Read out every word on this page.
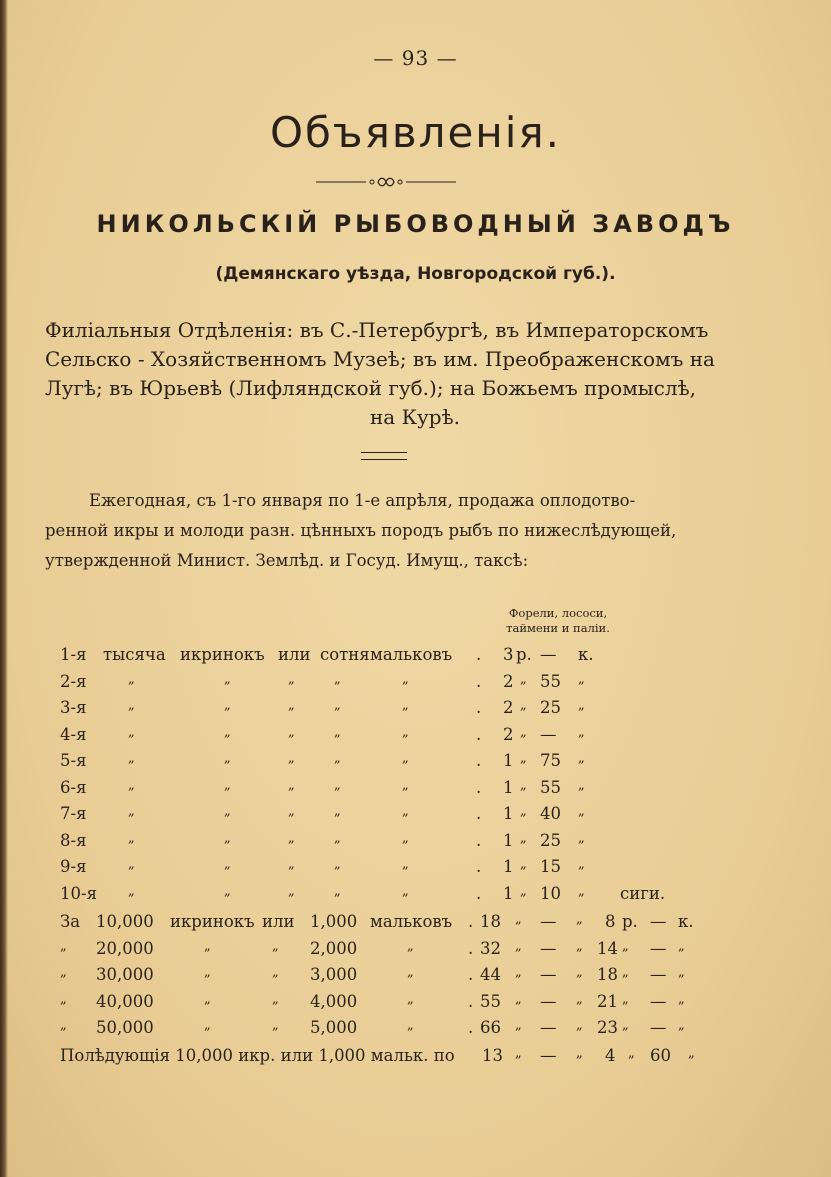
— 93 —
Объявленія.
НИКОЛЬСКІЙ РЫБОВОДНЫЙ ЗАВОДЪ
(Демянскаго уѣзда, Новгородской губ.).
Филіальныя Отдѣленія: въ С.-Петербургѣ, въ Императорскомъ
Сельско - Хозяйственномъ Музеѣ; въ им. Преображенскомъ на
Лугѣ; въ Юрьевѣ (Лифляндской губ.); на Божьемъ промыслѣ,
на Курѣ.
Ежегодная, съ 1-го января по 1-е апрѣля, продажа оплодотво-
ренной икры и молоди разн. цѣнныхъ породъ рыбъ по нижеслѣдующей,
утвержденной Минист. Землѣд. и Госуд. Имущ., таксѣ:
Форели, лососи,
таймени и паліи.
1-я тысяча икринокъ или сотня мальковъ . 3 р. — к.
2-я	„	„	„	„	„	. 2 „ 55 „
3-я	„	„	„	„	„	. 2 „ 25 „
4-я	„	„	„	„	„	. 2 „ — „
5-я	„	„	„	„	„	. 1 „ 75 „
6-я	„	„	„	„	„	. 1 „ 55 „
7-я	„	„	„	„	„	. 1 „ 40 „
8-я	„	„	„	„	„	. 1 „ 25 „
9-я	„	„	„	„	„	. 1 „ 15 „
10-я „	„	„	„	„	. 1 „ 10 „ сиги.
За 10,000 икринокъ или 1,000 мальковъ . 18 „ — „ 8 р. — к.
„ 20,000	„	„ 2,000	„	. 32 „ — „ 14 „ — „
„ 30,000	„	„ 3,000	„	. 44 „ — „ 18 „ — „
„ 40,000	„	„ 4,000	„	. 55 „ — „ 21 „ — „
„ 50,000	„	„ 5,000	„	. 66 „ — „ 23 „ — „
Полѣдующія 10,000 икр. или 1,000 мальк. по 13 „ — „ 4 „ 60 „
